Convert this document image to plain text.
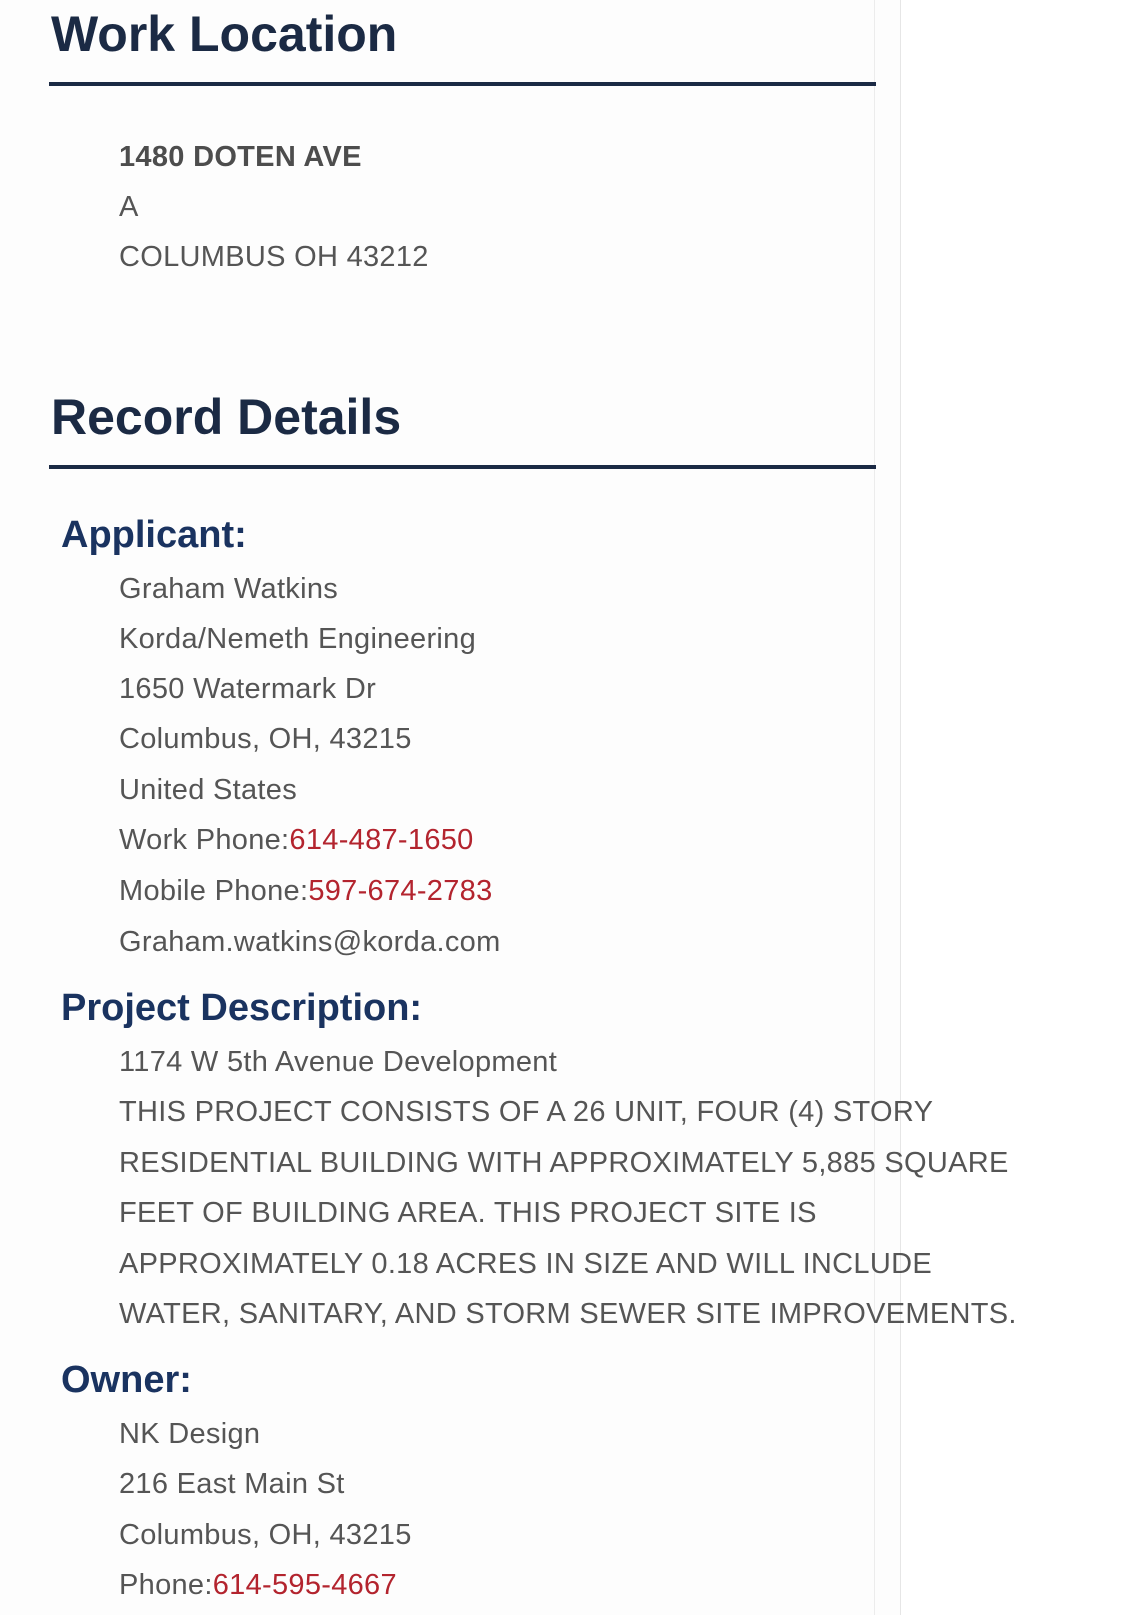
Work Location
1480 DOTEN AVE
A
COLUMBUS OH 43212
Record Details
Applicant:
Graham Watkins
Korda/Nemeth Engineering
1650 Watermark Dr
Columbus, OH, 43215
United States
Work Phone:614-487-1650
Mobile Phone:597-674-2783
Graham.watkins@korda.com
Project Description:
1174 W 5th Avenue Development
THIS PROJECT CONSISTS OF A 26 UNIT, FOUR (4) STORY
RESIDENTIAL BUILDING WITH APPROXIMATELY 5,885 SQUARE
FEET OF BUILDING AREA. THIS PROJECT SITE IS
APPROXIMATELY 0.18 ACRES IN SIZE AND WILL INCLUDE
WATER, SANITARY, AND STORM SEWER SITE IMPROVEMENTS.
Owner:
NK Design
216 East Main St
Columbus, OH, 43215
Phone:614-595-4667
